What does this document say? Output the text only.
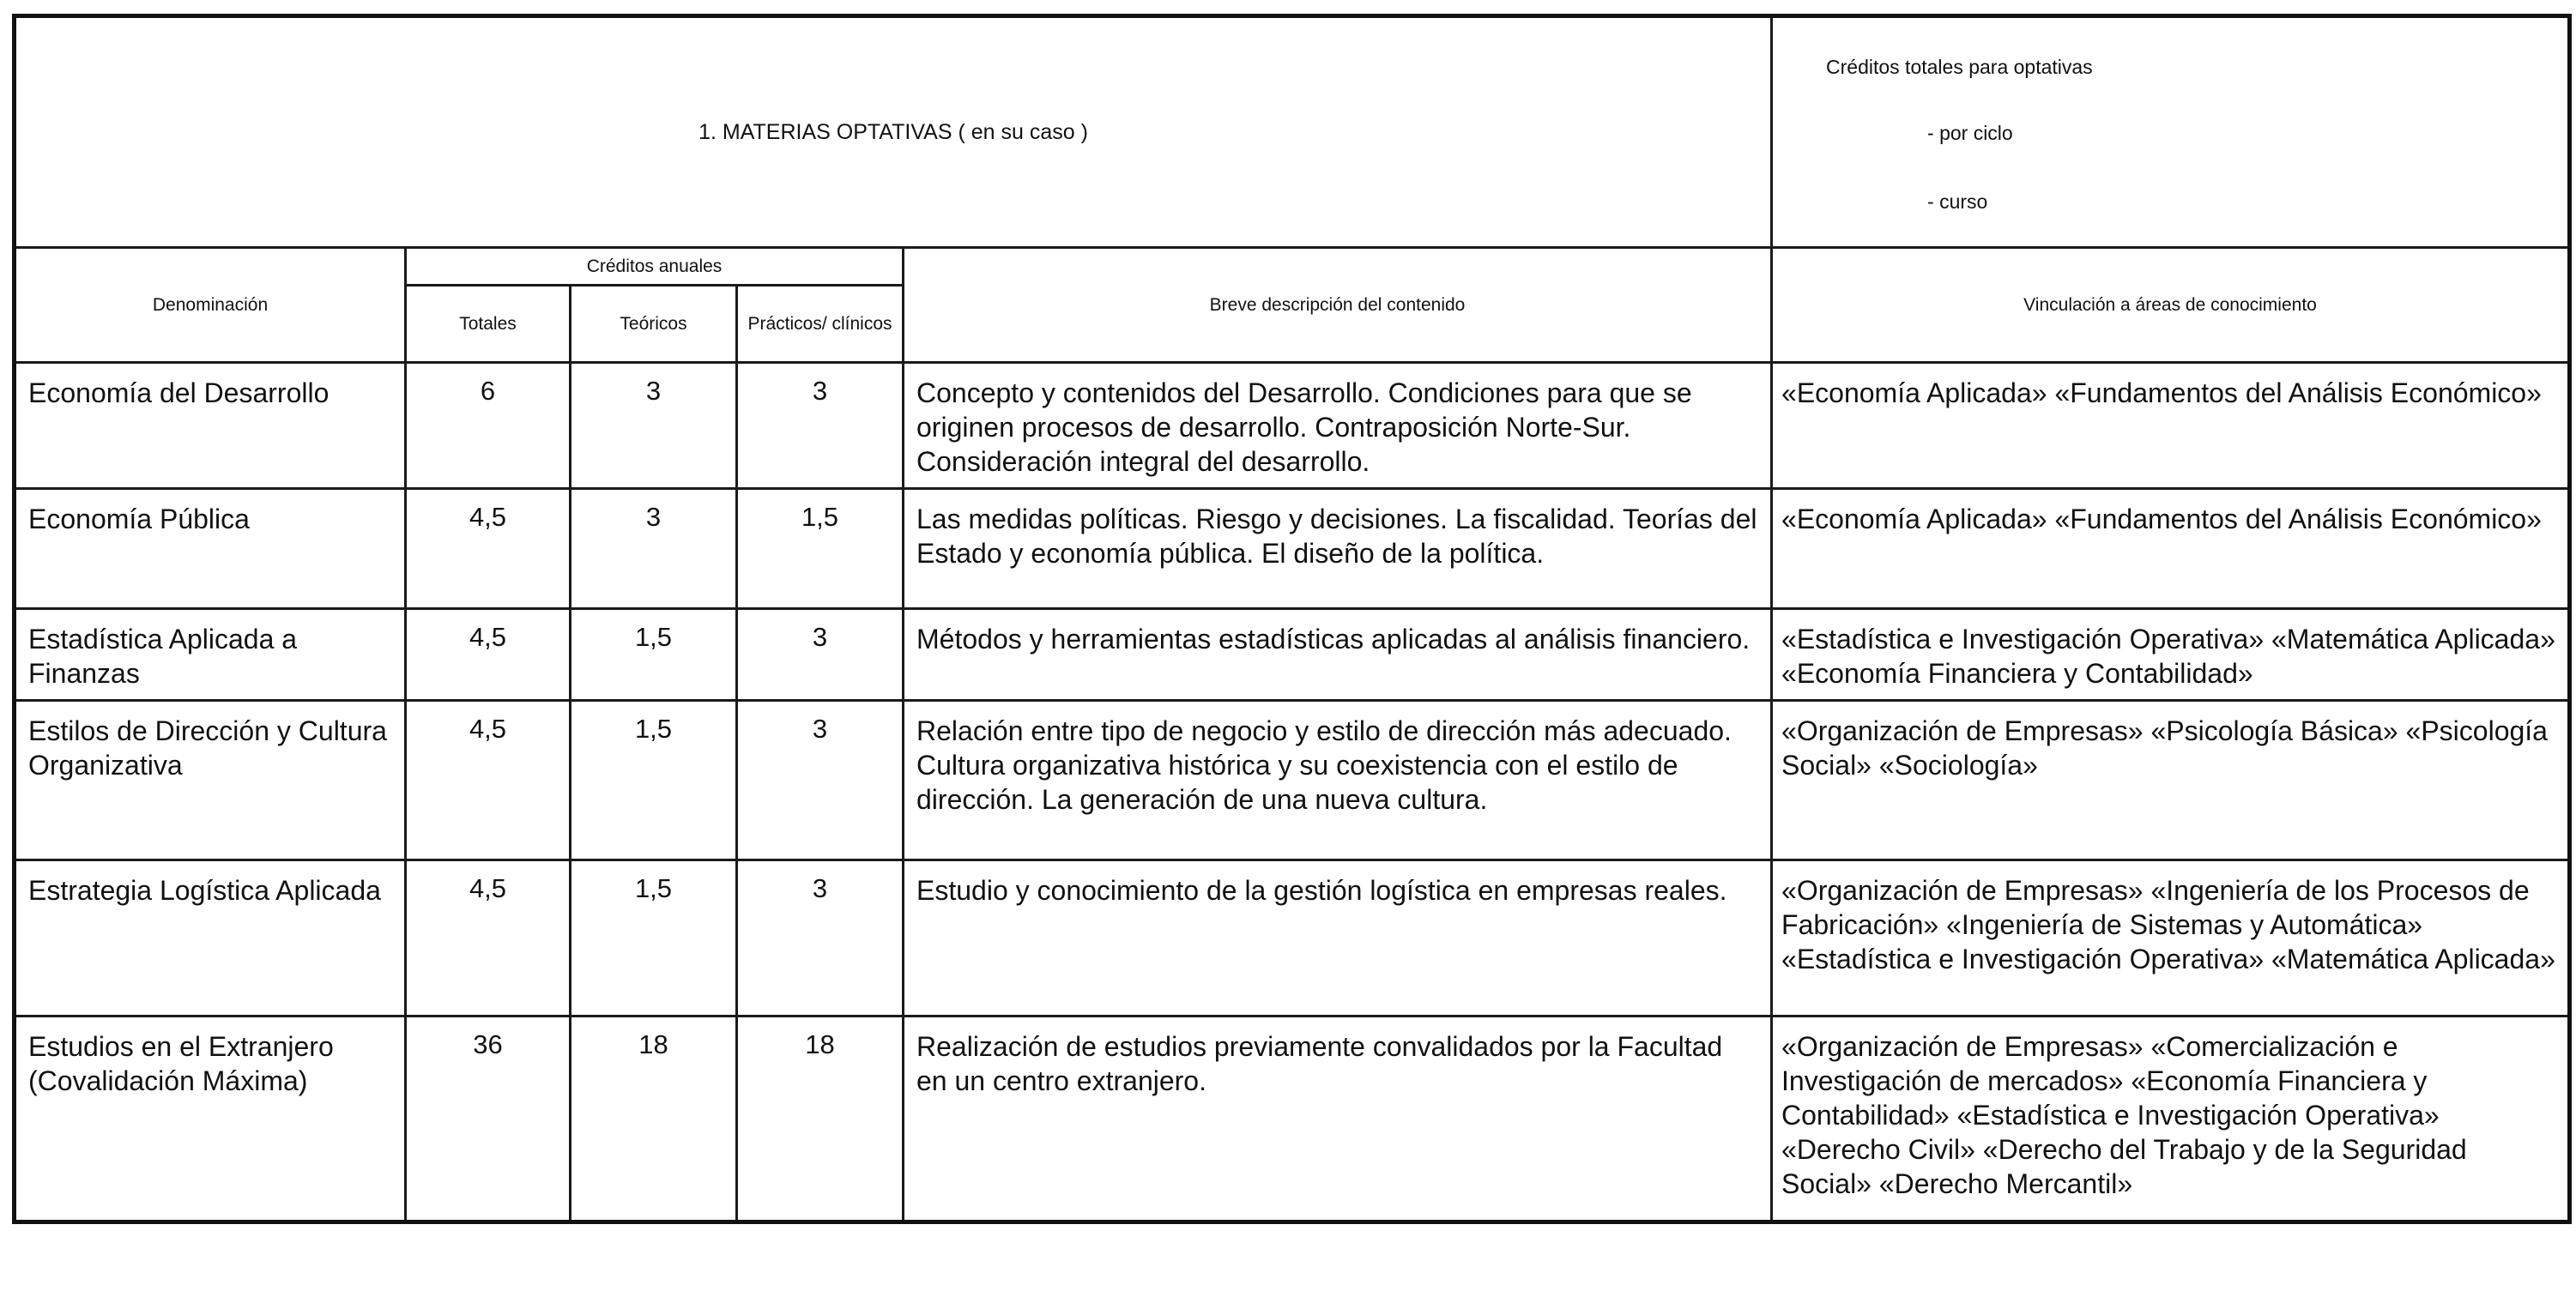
1. MATERIAS OPTATIVAS ( en su caso )					Créditos totales para optativas
- por ciclo
- curso

Denominación	Créditos anuales			Breve descripción del contenido	Vinculación a áreas de conocimiento
	Totales	Teóricos	Prácticos/ clínicos		
Economía del Desarrollo	6	3	3	Concepto y contenidos del Desarrollo. Condiciones para que se originen procesos de desarrollo. Contraposición Norte-Sur. Consideración integral del desarrollo.	«Economía Aplicada» «Fundamentos del Análisis Económico»
Economía Pública	4,5	3	1,5	Las medidas políticas. Riesgo y decisiones. La fiscalidad. Teorías del Estado y economía pública. El diseño de la política.	«Economía Aplicada» «Fundamentos del Análisis Económico»
Estadística Aplicada a Finanzas	4,5	1,5	3	Métodos y herramientas estadísticas aplicadas al análisis financiero.	«Estadística e Investigación Operativa» «Matemática Aplicada» «Economía Financiera y Contabilidad»
Estilos de Dirección y Cultura Organizativa	4,5	1,5	3	Relación entre tipo de negocio y estilo de dirección más adecuado. Cultura organizativa histórica y su coexistencia con el estilo de dirección. La generación de una nueva cultura.	«Organización de Empresas» «Psicología Básica» «Psicología Social» «Sociología»
Estrategia Logística Aplicada	4,5	1,5	3	Estudio y conocimiento de la gestión logística en empresas reales.	«Organización de Empresas» «Ingeniería de los Procesos de Fabricación» «Ingeniería de Sistemas y Automática» «Estadística e Investigación Operativa» «Matemática Aplicada»
Estudios en el Extranjero (Covalidación Máxima)	36	18	18	Realización de estudios previamente convalidados por la Facultad en un centro extranjero.	«Organización de Empresas» «Comercialización e Investigación de mercados» «Economía Financiera y Contabilidad» «Estadística e Investigación Operativa» «Derecho Civil» «Derecho del Trabajo y de la Seguridad Social» «Derecho Mercantil»
